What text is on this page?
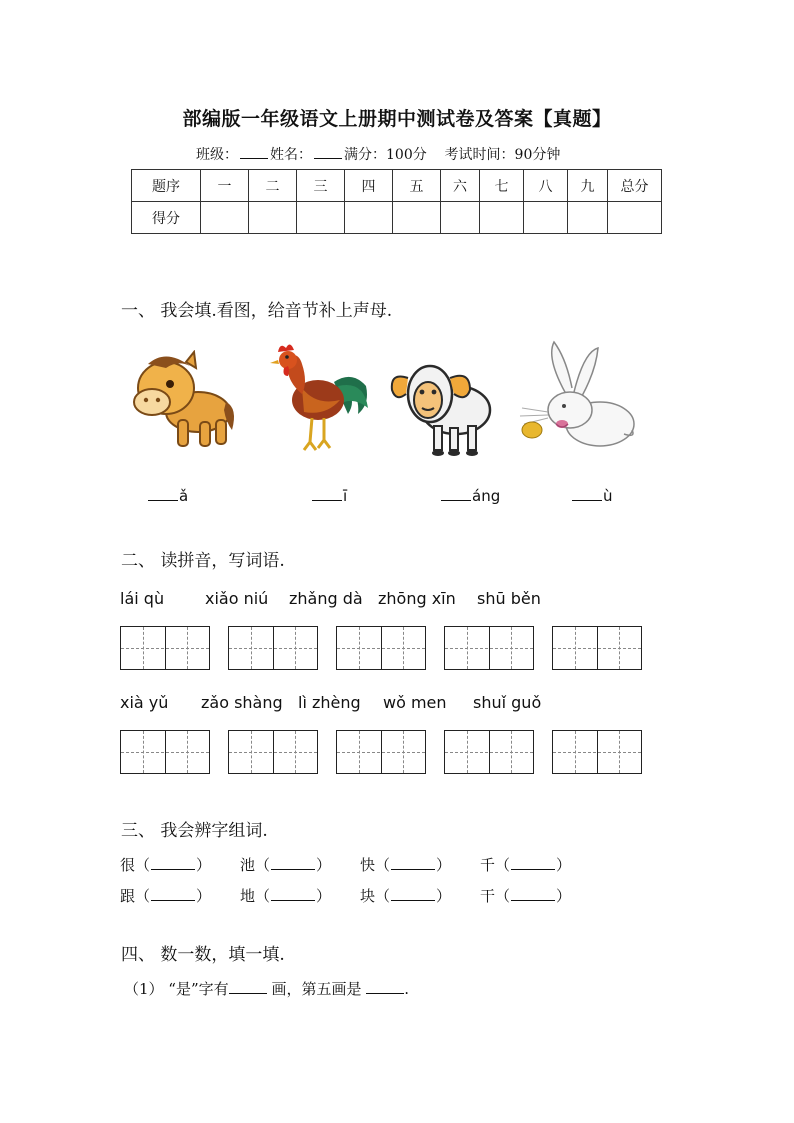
部编版一年级语文上册期中测试卷及答案【真题】
班级： 姓名： 满分：100分 考试时间：90分钟
题序	一	二	三	四	五	六	七	八	九	总分
得分										
一、 我会填.看图，给音节补上声母.
ǎ	ī	áng	ù
二、 读拼音，写词语.
lái qù	xiǎo niú zhǎng dà zhōng xīn shū běn
xià yǔ zǎo shàng lì zhèng wǒ men shuǐ guǒ
三、 我会辨字组词.
很（	） 池（	） 快（	） 千（	）
跟（	） 地（	） 块（	） 干（	）
四、 数一数，填一填.
（1） “是”字有	画，第五画是	.
